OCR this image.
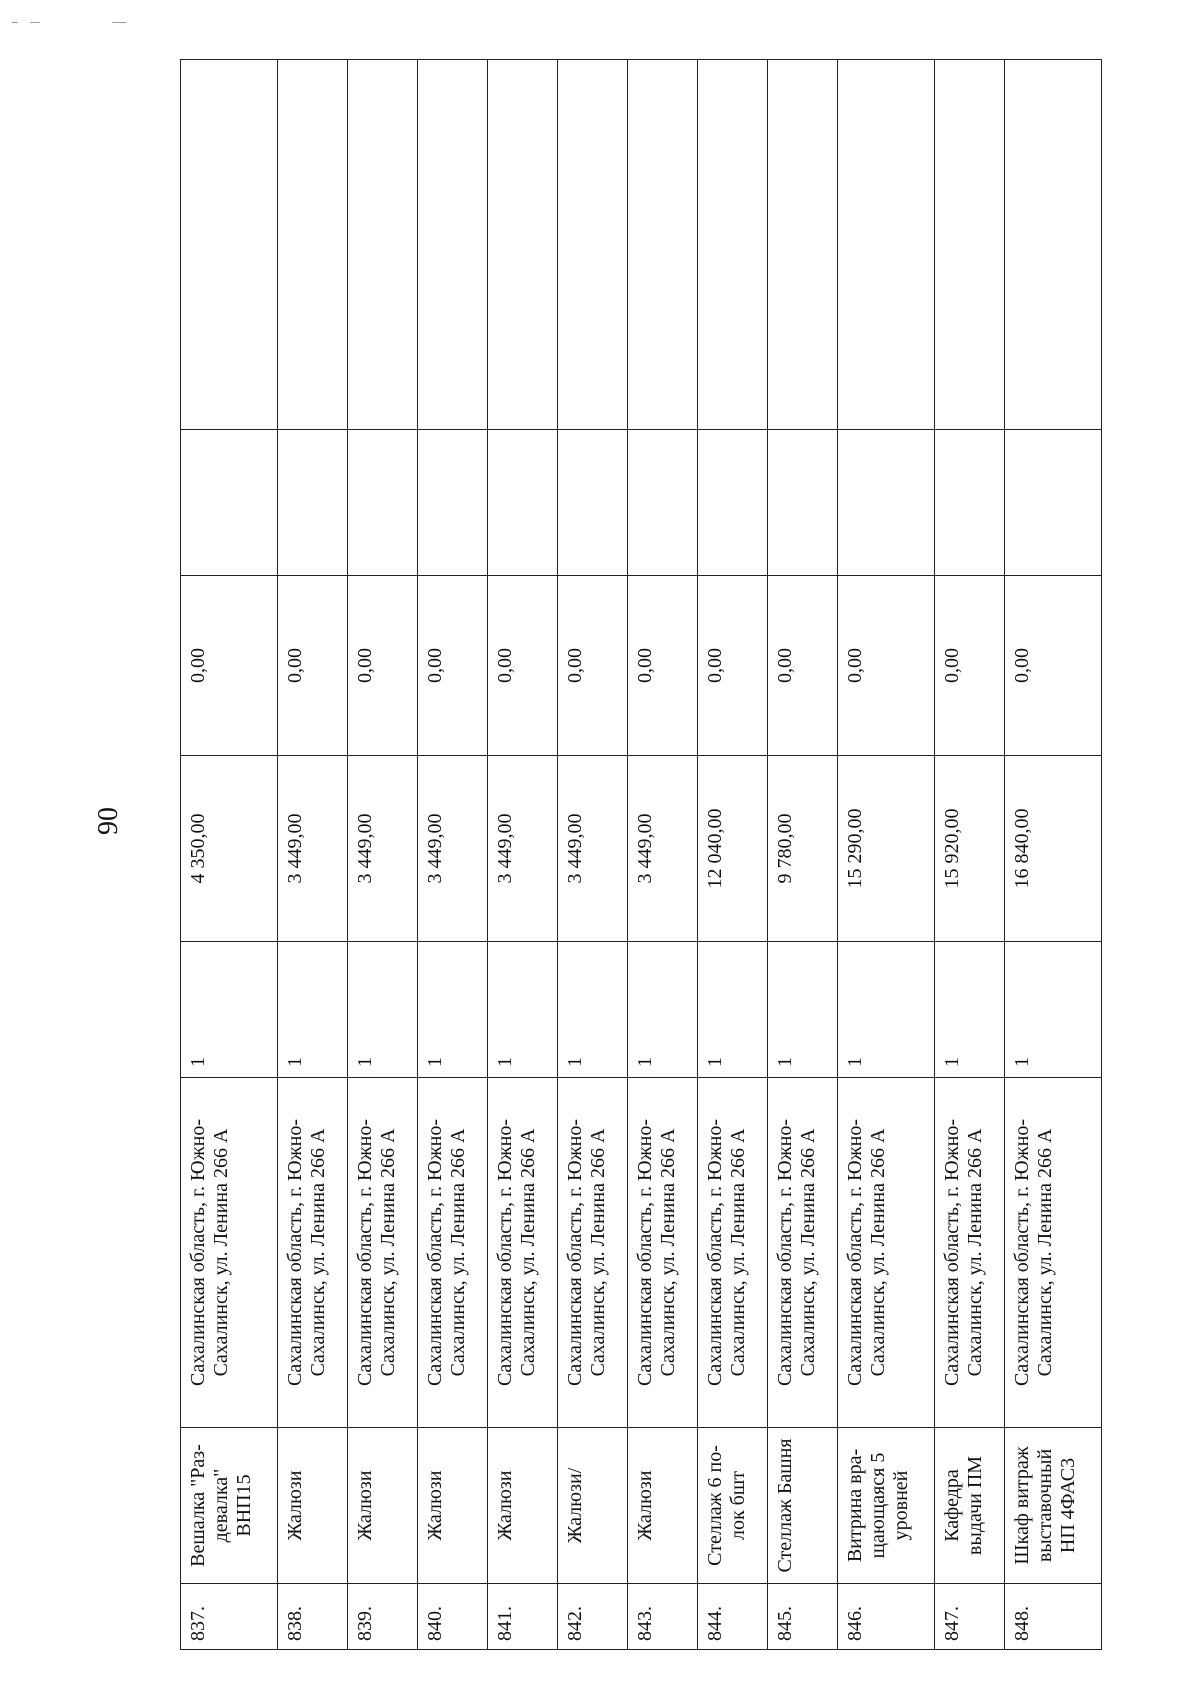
90
837.	Вешалка "Раз-девалка" ВНП15	Сахалинская область, г. Южно-Сахалинск, ул. Ленина 266 А	1	4 350,00	0,00		
838.	Жалюзи	Сахалинская область, г. Южно-Сахалинск, ул. Ленина 266 А	1	3 449,00	0,00		
839.	Жалюзи	Сахалинская область, г. Южно-Сахалинск, ул. Ленина 266 А	1	3 449,00	0,00		
840.	Жалюзи	Сахалинская область, г. Южно-Сахалинск, ул. Ленина 266 А	1	3 449,00	0,00		
841.	Жалюзи	Сахалинская область, г. Южно-Сахалинск, ул. Ленина 266 А	1	3 449,00	0,00		
842.	Жалюзи/	Сахалинская область, г. Южно-Сахалинск, ул. Ленина 266 А	1	3 449,00	0,00		
843.	Жалюзи	Сахалинская область, г. Южно-Сахалинск, ул. Ленина 266 А	1	3 449,00	0,00		
844.	Стеллаж 6 по-лок бшт	Сахалинская область, г. Южно-Сахалинск, ул. Ленина 266 А	1	12 040,00	0,00		
845.	Стеллаж Башня	Сахалинская область, г. Южно-Сахалинск, ул. Ленина 266 А	1	9 780,00	0,00		
846.	Витрина вра-щающаяся 5 уровней	Сахалинская область, г. Южно-Сахалинск, ул. Ленина 266 А	1	15 290,00	0,00		
847.	Кафедра выдачи ПМ	Сахалинская область, г. Южно-Сахалинск, ул. Ленина 266 А	1	15 920,00	0,00		
848.	Шкаф витраж выставочный НП 4ФАС3	Сахалинская область, г. Южно-Сахалинск, ул. Ленина 266 А	1	16 840,00	0,00		
